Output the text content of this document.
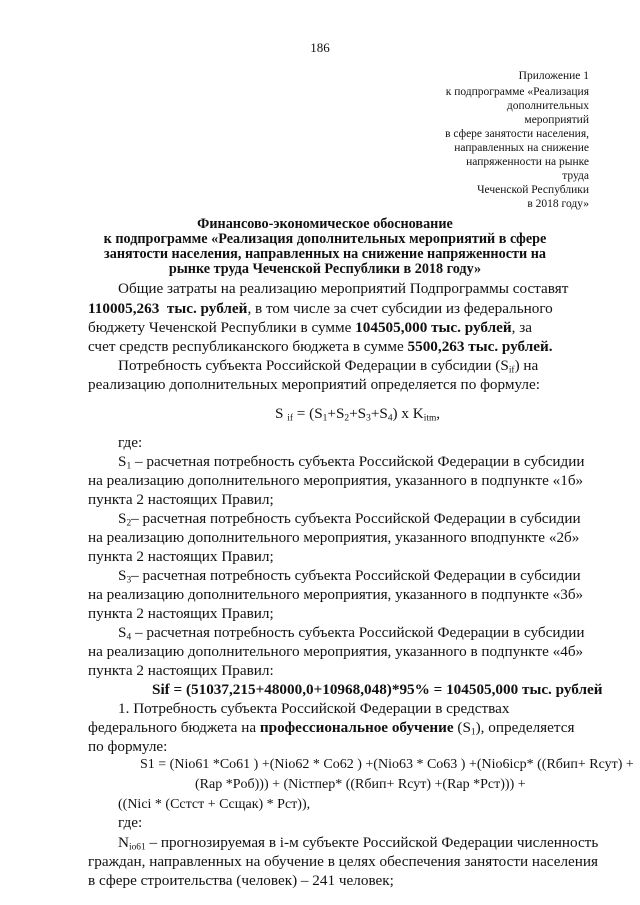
186
Приложение 1
к подпрограмме «Реализация
дополнительных
мероприятий
в сфере занятости населения,
направленных на снижение
напряженности на рынке
труда
Чеченской Республики
в 2018 году»
Финансово-экономическое обоснование
к подпрограмме «Реализация дополнительных мероприятий в сфере
занятости населения, направленных на снижение напряженности на
рынке труда Чеченской Республики в 2018 году»
Общие затраты на реализацию мероприятий Подпрограммы составят
110005,263 тыс. рублей, в том числе за счет субсидии из федерального
бюджету Чеченской Республики в сумме 104505,000 тыс. рублей, за
счет средств республиканского бюджета в сумме 5500,263 тыс. рублей.
Потребность субъекта Российской Федерации в субсидии $(S_{if})$ на
реализацию дополнительных мероприятий определяется по формуле:
S $_{if} = (S_1+S_2+S_3+S_4)$ х $K_{itm}$,
где:
$S_1$ – расчетная потребность субъекта Российской Федерации в субсидии
на реализацию дополнительного мероприятия, указанного в подпункте «1б»
пункта 2 настоящих Правил;
$S_2-$ расчетная потребность субъекта Российской Федерации в субсидии
на реализацию дополнительного мероприятия, указанного вподпункте «2б»
пункта 2 настоящих Правил;
$S_3-$ расчетная потребность субъекта Российской Федерации в субсидии
на реализацию дополнительного мероприятия, указанного в подпункте «3б»
пункта 2 настоящих Правил;
$S_4$ – расчетная потребность субъекта Российской Федерации в субсидии
на реализацию дополнительного мероприятия, указанного в подпункте «4б»
пункта 2 настоящих Правил:
Sif = (51037,215+48000,0+10968,048)*95% = 104505,000 тыс. рублей
1. Потребность субъекта Российской Федерации в средствах
федерального бюджета на профессиональное обучение $(S_1)$, определяется
по формуле:
S1 = (Nio61 *Co61 ) +(Nio62 * Co62 ) +(Nio63 * Co63 ) +(Nio6icp* ((Rбип+ Rсут) +
(Rар *Pоб))) + (Nicтпер* ((Rбип+ Rсут) +(Rар *Pст))) +
((Nici * (Cстст + Cсщак) * Pст)),
где:
$N_{io61}$ – прогнозируемая в i-м субъекте Российской Федерации численность
граждан, направленных на обучение в целях обеспечения занятости населения
в сфере строительства (человек) – 241 человек;
